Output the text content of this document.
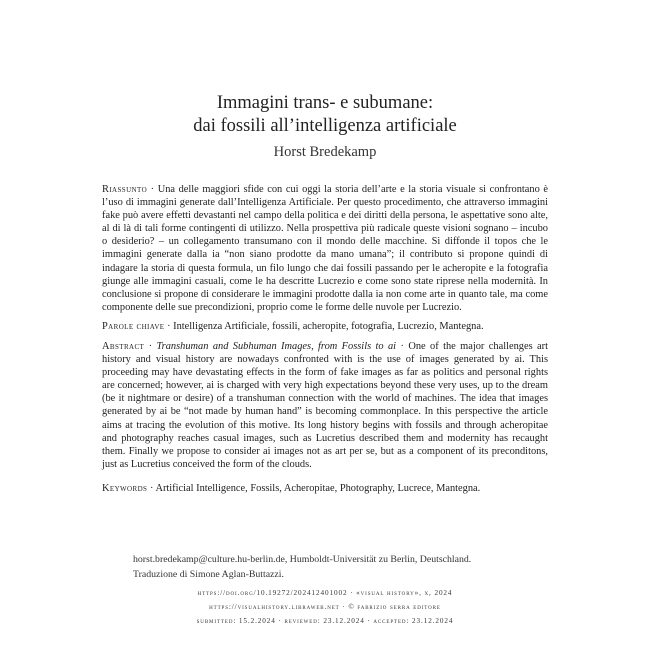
Immagini trans- e subumane:
dai fossili all’intelligenza artificiale
Horst Bredekamp
Riassunto · Una delle maggiori sfide con cui oggi la storia dell’arte e la storia visuale si confrontano è l’uso di immagini generate dall’Intelligenza Artificiale. Per questo procedimento, che attraverso immagini fake può avere effetti devastanti nel campo della politica e dei diritti della persona, le aspettative sono alte, al di là di tali forme contingenti di utilizzo. Nella prospettiva più radicale queste visioni sognano – incubo o desiderio? – un collegamento transumano con il mondo delle macchine. Si diffonde il topos che le immagini generate dalla ia “non siano prodotte da mano umana”; il contributo si propone quindi di indagare la storia di questa formula, un filo lungo che dai fossili passando per le acheropite e la fotografia giunge alle immagini casuali, come le ha descritte Lucrezio e come sono state riprese nella modernità. In conclusione si propone di considerare le immagini prodotte dalla ia non come arte in quanto tale, ma come componente delle sue precondizioni, proprio come le forme delle nuvole per Lucrezio.
Parole chiave · Intelligenza Artificiale, fossili, acheropite, fotografia, Lucrezio, Mantegna.
Abstract · Transhuman and Subhuman Images, from Fossils to ai · One of the major challenges art history and visual history are nowadays confronted with is the use of images generated by ai. This proceeding may have devastating effects in the form of fake images as far as politics and personal rights are concerned; however, ai is charged with very high expectations beyond these very uses, up to the dream (be it nightmare or desire) of a transhuman connection with the world of machines. The idea that images generated by ai be “not made by human hand” is becoming commonplace. In this perspective the article aims at tracing the evolution of this motive. Its long history begins with fossils and through acheropitae and photography reaches casual images, such as Lucretius described them and modernity has recaught them. Finally we propose to consider ai images not as art per se, but as a component of its preconditons, just as Lucretius conceived the form of the clouds.
Keywords · Artificial Intelligence, Fossils, Acheropitae, Photography, Lucrece, Mantegna.
horst.bredekamp@culture.hu-berlin.de, Humboldt-Universität zu Berlin, Deutschland.
Traduzione di Simone Aglan-Buttazzi.
https://doi.org/10.19272/202412401002 · «visual history», x, 2024
https://visualhistory.libraweb.net · © fabrizio serra editore
submitted: 15.2.2024 · reviewed: 23.12.2024 · accepted: 23.12.2024
